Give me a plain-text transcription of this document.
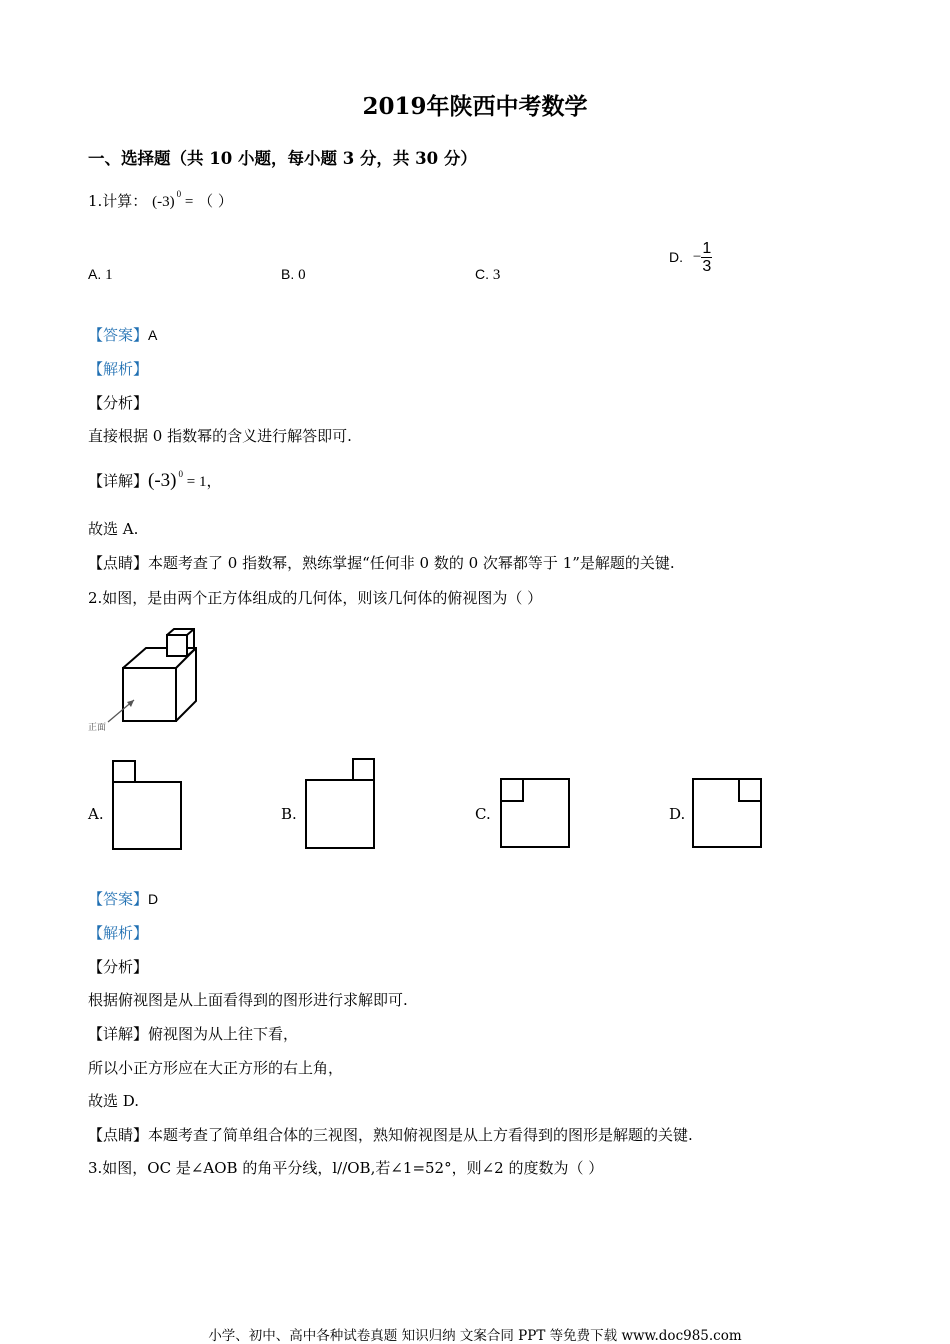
2019年陕西中考数学
一、选择题（共 10 小题，每小题 3 分，共 30 分）
1.计算： (-3) $^0$ = （ ）
A. 1	B. 0	C. 3
D. − $\frac{1}{3}$
【答案】A
【解析】
【分析】
直接根据 0 指数幂的含义进行解答即可.
【详解】(-3) $^0$ = 1，
故选 A.
【点睛】本题考查了 0 指数幂，熟练掌握“任何非 0 数的 0 次幂都等于 1”是解题的关键.
2.如图，是由两个正方体组成的几何体，则该几何体的俯视图为（ ）
正面
A.	B.	C.	D.
【答案】D
【解析】
【分析】
根据俯视图是从上面看得到的图形进行求解即可.
【详解】俯视图为从上往下看，
所以小正方形应在大正方形的右上角，
故选 D.
【点睛】本题考查了简单组合体的三视图，熟知俯视图是从上方看得到的图形是解题的关键.
3.如图，OC 是∠AOB 的角平分线，l//OB,若∠1=52°，则∠2 的度数为（ ）
小学、初中、高中各种试卷真题 知识归纳 文案合同 PPT 等免费下载 www.doc985.com
